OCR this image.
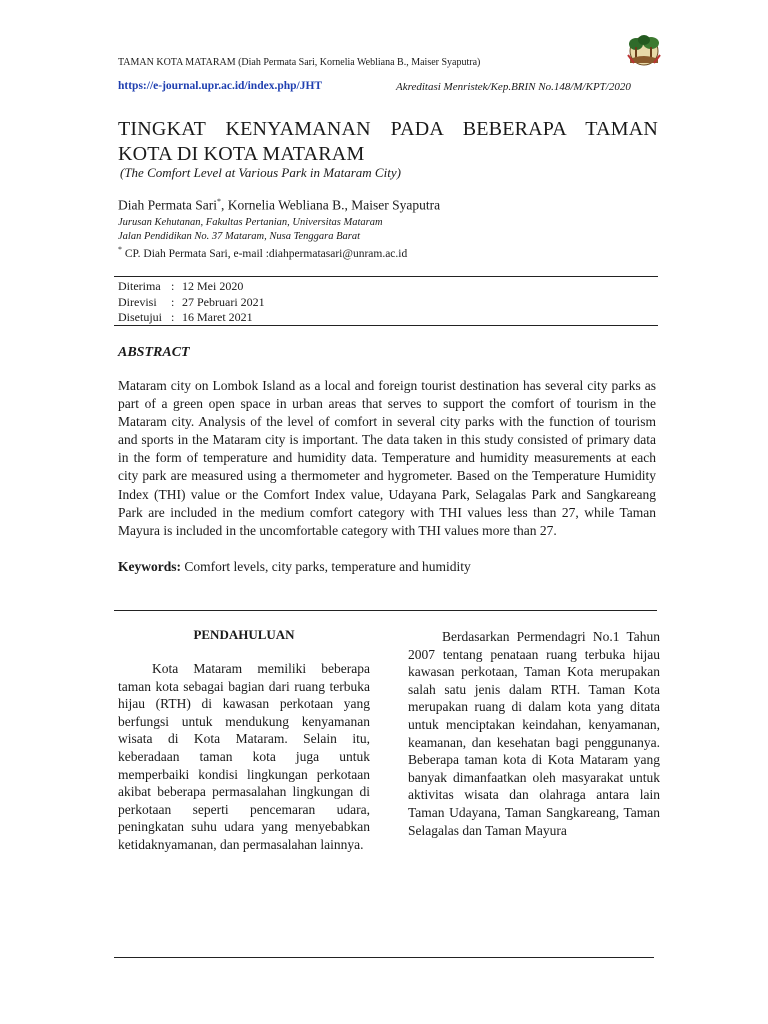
TAMAN KOTA MATARAM (Diah Permata Sari, Kornelia Webliana B., Maiser Syaputra)
https://e-journal.upr.ac.id/index.php/JHT	Akreditasi Menristek/Kep.BRIN No.148/M/KPT/2020
TINGKAT KENYAMANAN PADA BEBERAPA TAMAN KOTA DI KOTA MATARAM
(The Comfort Level at Various Park in Mataram City)
Diah Permata Sari*, Kornelia Webliana B., Maiser Syaputra
Jurusan Kehutanan, Fakultas Pertanian, Universitas Mataram
Jalan Pendidikan No. 37 Mataram, Nusa Tenggara Barat
* CP. Diah Permata Sari, e-mail :diahpermatasari@unram.ac.id
Diterima	:	12 Mei 2020
Direvisi	:	27 Pebruari 2021
Disetujui	:	16 Maret 2021
ABSTRACT
Mataram city on Lombok Island as a local and foreign tourist destination has several city parks as part of a green open space in urban areas that serves to support the comfort of tourism in the Mataram city. Analysis of the level of comfort in several city parks with the function of tourism and sports in the Mataram city is important. The data taken in this study consisted of primary data in the form of temperature and humidity data. Temperature and humidity measurements at each city park are measured using a thermometer and hygrometer. Based on the Temperature Humidity Index (THI) value or the Comfort Index value, Udayana Park, Selagalas Park and Sangkareang Park are included in the medium comfort category with THI values less than 27, while Taman Mayura is included in the uncomfortable category with THI values more than 27.
Keywords: Comfort levels, city parks, temperature and humidity
PENDAHULUAN

Kota Mataram memiliki beberapa taman kota sebagai bagian dari ruang terbuka hijau (RTH) di kawasan perkotaan yang berfungsi untuk mendukung kenyamanan wisata di Kota Mataram. Selain itu, keberadaan taman kota juga untuk memperbaiki kondisi lingkungan perkotaan akibat beberapa permasalahan lingkungan di perkotaan seperti pencemaran udara, peningkatan suhu udara yang menyebabkan ketidaknyamanan, dan permasalahan lainnya.

Berdasarkan Permendagri No.1 Tahun 2007 tentang penataan ruang terbuka hijau kawasan perkotaan, Taman Kota merupakan salah satu jenis dalam RTH. Taman Kota merupakan ruang di dalam kota yang ditata untuk menciptakan keindahan, kenyamanan, keamanan, dan kesehatan bagi penggunanya. Beberapa taman kota di Kota Mataram yang banyak dimanfaatkan oleh masyarakat untuk aktivitas wisata dan olahraga antara lain Taman Udayana, Taman Sangkareang, Taman Selagalas dan Taman Mayura
